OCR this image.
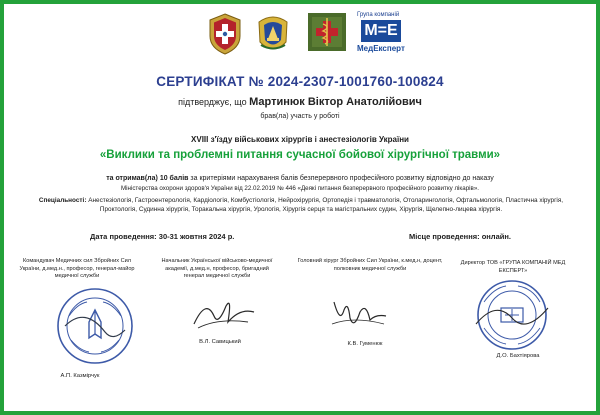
Група компаній
M=E
МедЕксперт
СЕРТИФІКАТ № 2024-2307-1001760-100824
підтверджує, що Мартинюк Віктор Анатолійович
брав(ла) участь у роботі
XVIII з'їзду військових хірургів і анестезіологів України
«Виклики та проблемні питання сучасної бойової хірургічної травми»
та отримав(ла) 10 балів за критеріями нарахування балів безперервного професійного розвитку відповідно до наказу
Міністерства охорони здоров'я України від 22.02.2019 № 446 «Деякі питання безперервного професійного розвитку лікарів».
Спеціальності: Анестезіологія, Гастроентерологія, Кардіологія, Комбустіологія, Нейрохірургія, Ортопедія і травматологія, Отоларингологія, Офтальмологія, Пластична хірургія, Проктологія, Судинна хірургія, Торакальна хірургія, Урологія, Хірургія серця та магістральних судин, Хірургія, Щелепно-лицева хірургія.
Дата проведення: 30-31 жовтня 2024 р.	Місце проведення: онлайн.
Командувач Медичних сил Збройних Сил України, д.мед.н., професор, генерал-майор медичної служби
А.П. Казмірчук
Начальник Української військово-медичної академії, д.мед.н, професор, бригадний генерал медичної служби
В.Л. Савицький
Головний хірург Збройних Сил України, к.мед.н, доцент, полковник медичної служби
К.В. Гуменюк
Директор ТОВ «ГРУПА КОМПАНІЙ МЕД ЕКСПЕРТ»
Д.О. Бахтіярова
